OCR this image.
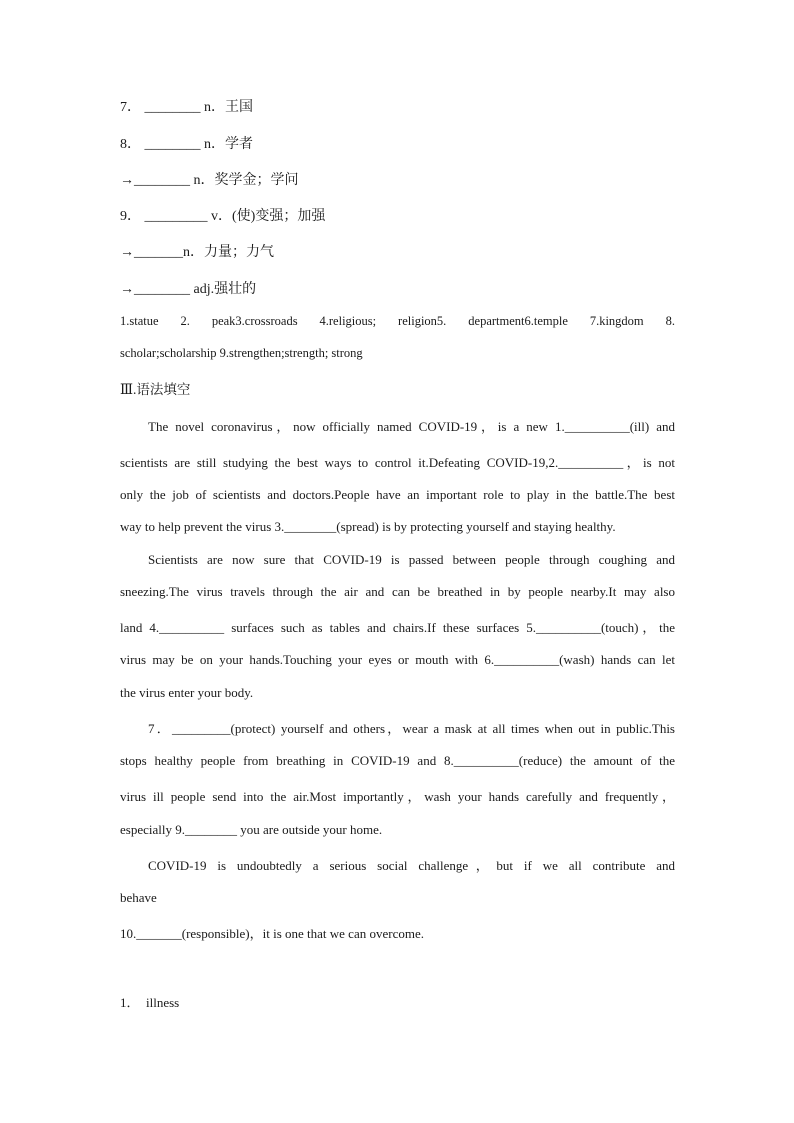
7． ________ n．王国
8． ________ n．学者
→________ n．奖学金；学问
9． _________ v．(使)变强；加强
→_______n．力量；力气
→________ adj.强壮的
1.statue 2. peak3.crossroads 4.religious; religion5. department6.temple 7.kingdom 8.
scholar;scholarship 9.strengthen;strength; strong
Ⅲ.语法填空
The novel coronavirus，now officially named COVID-19，is a new 1.__________(ill) and
scientists are still studying the best ways to control it.Defeating COVID-19,2.__________，is not
only the job of scientists and doctors.People have an important role to play in the battle.The best
way to help prevent the virus 3.________(spread) is by protecting yourself and staying healthy.
Scientists are now sure that COVID-19 is passed between people through coughing and
sneezing.The virus travels through the air and can be breathed in by people nearby.It may also
land 4.__________ surfaces such as tables and chairs.If these surfaces 5.__________(touch)，the
virus may be on your hands.Touching your eyes or mouth with 6.__________(wash) hands can let
the virus enter your body.
7．_________(protect) yourself and others，wear a mask at all times when out in public.This
stops healthy people from breathing in COVID-19 and 8.__________(reduce) the amount of the
virus ill people send into the air.Most importantly，wash your hands carefully and frequently，
especially 9.________ you are outside your home.
COVID-19 is undoubtedly a serious social challenge，but if we all contribute and
behave
10._______(responsible)，it is one that we can overcome.
1．　illness
